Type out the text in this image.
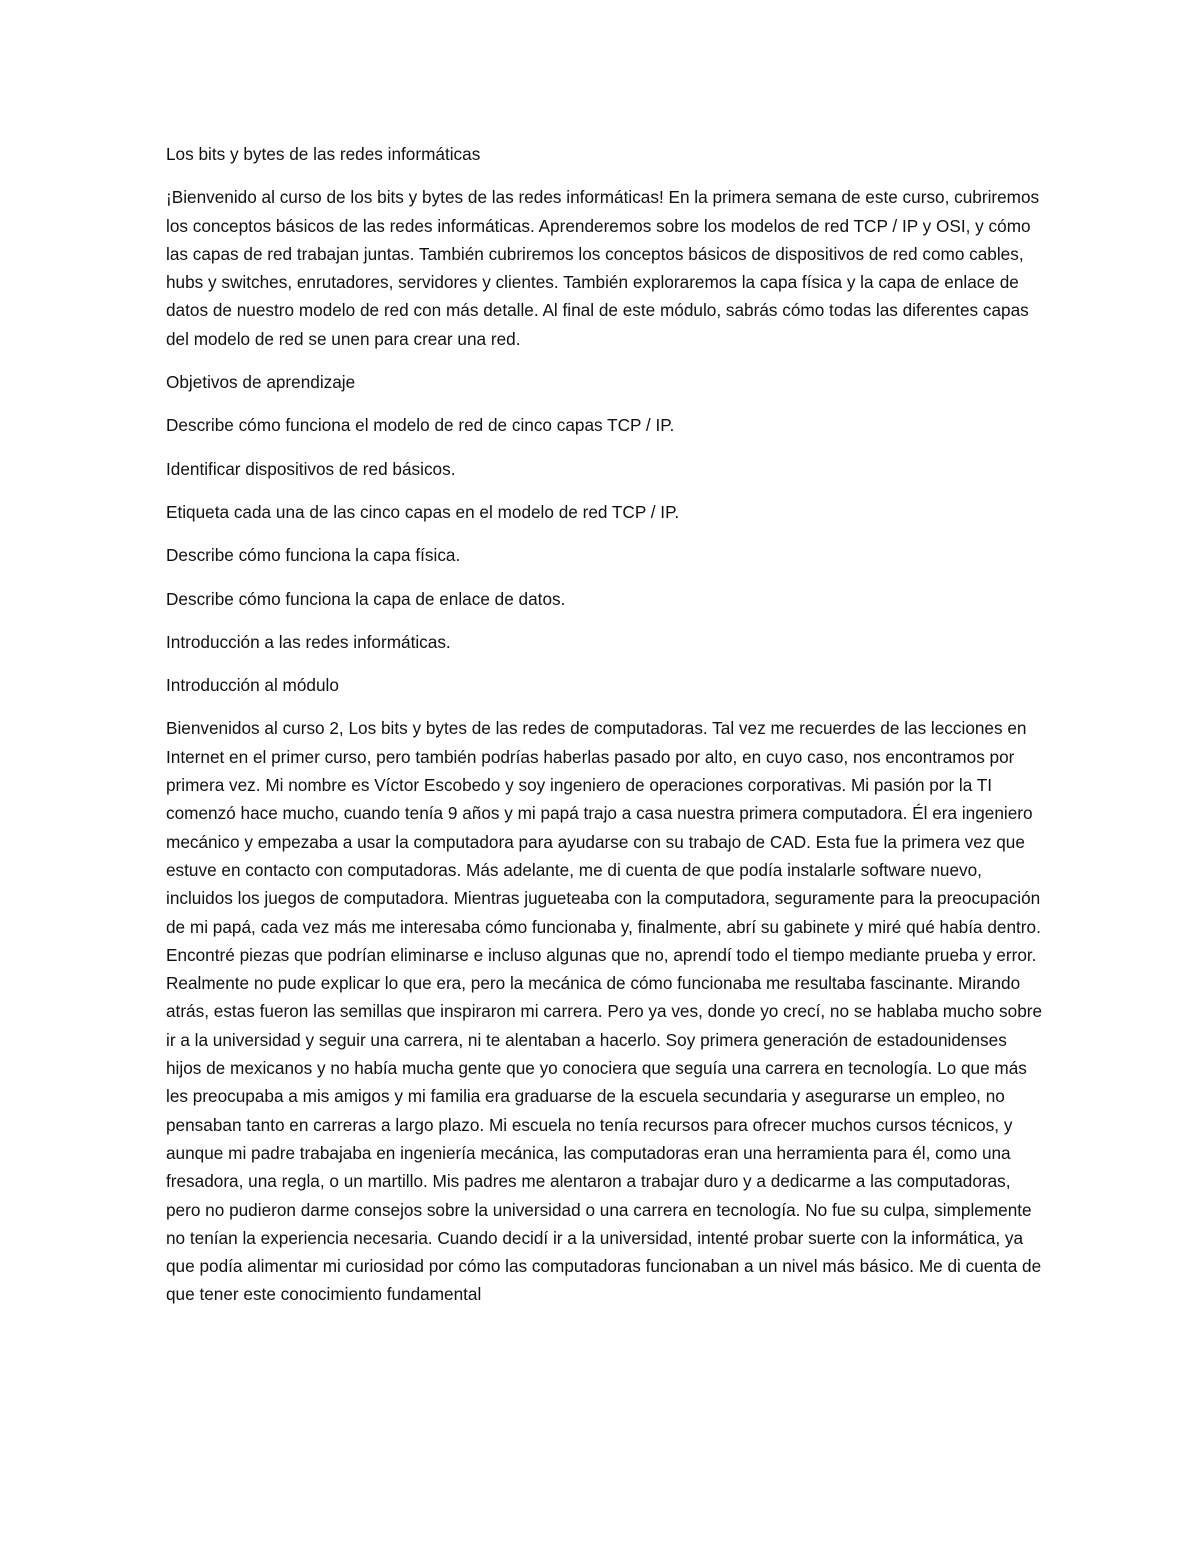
Los bits y bytes de las redes informáticas

¡Bienvenido al curso de los bits y bytes de las redes informáticas! En la primera semana de este curso, cubriremos los conceptos básicos de las redes informáticas. Aprenderemos sobre los modelos de red TCP / IP y OSI, y cómo las capas de red trabajan juntas. También cubriremos los conceptos básicos de dispositivos de red como cables, hubs y switches, enrutadores, servidores y clientes. También exploraremos la capa física y la capa de enlace de datos de nuestro modelo de red con más detalle. Al final de este módulo, sabrás cómo todas las diferentes capas del modelo de red se unen para crear una red.

Objetivos de aprendizaje

Describe cómo funciona el modelo de red de cinco capas TCP / IP.

Identificar dispositivos de red básicos.

Etiqueta cada una de las cinco capas en el modelo de red TCP / IP.

Describe cómo funciona la capa física.

Describe cómo funciona la capa de enlace de datos.

Introducción a las redes informáticas.

Introducción al módulo

Bienvenidos al curso 2, Los bits y bytes de las redes de computadoras. Tal vez me recuerdes de las lecciones en Internet en el primer curso, pero también podrías haberlas pasado por alto, en cuyo caso, nos encontramos por primera vez. Mi nombre es Víctor Escobedo y soy ingeniero de operaciones corporativas. Mi pasión por la TI comenzó hace mucho, cuando tenía 9 años y mi papá trajo a casa nuestra primera computadora. Él era ingeniero mecánico y empezaba a usar la computadora para ayudarse con su trabajo de CAD. Esta fue la primera vez que estuve en contacto con computadoras. Más adelante, me di cuenta de que podía instalarle software nuevo, incluidos los juegos de computadora. Mientras jugueteaba con la computadora, seguramente para la preocupación de mi papá, cada vez más me interesaba cómo funcionaba y, finalmente, abrí su gabinete y miré qué había dentro. Encontré piezas que podrían eliminarse e incluso algunas que no, aprendí todo el tiempo mediante prueba y error. Realmente no pude explicar lo que era, pero la mecánica de cómo funcionaba me resultaba fascinante. Mirando atrás, estas fueron las semillas que inspiraron mi carrera. Pero ya ves, donde yo crecí, no se hablaba mucho sobre ir a la universidad y seguir una carrera, ni te alentaban a hacerlo. Soy primera generación de estadounidenses hijos de mexicanos y no había mucha gente que yo conociera que seguía una carrera en tecnología. Lo que más les preocupaba a mis amigos y mi familia era graduarse de la escuela secundaria y asegurarse un empleo, no pensaban tanto en carreras a largo plazo. Mi escuela no tenía recursos para ofrecer muchos cursos técnicos, y aunque mi padre trabajaba en ingeniería mecánica, las computadoras eran una herramienta para él, como una fresadora, una regla, o un martillo. Mis padres me alentaron a trabajar duro y a dedicarme a las computadoras, pero no pudieron darme consejos sobre la universidad o una carrera en tecnología. No fue su culpa, simplemente no tenían la experiencia necesaria. Cuando decidí ir a la universidad, intenté probar suerte con la informática, ya que podía alimentar mi curiosidad por cómo las computadoras funcionaban a un nivel más básico. Me di cuenta de que tener este conocimiento fundamental
